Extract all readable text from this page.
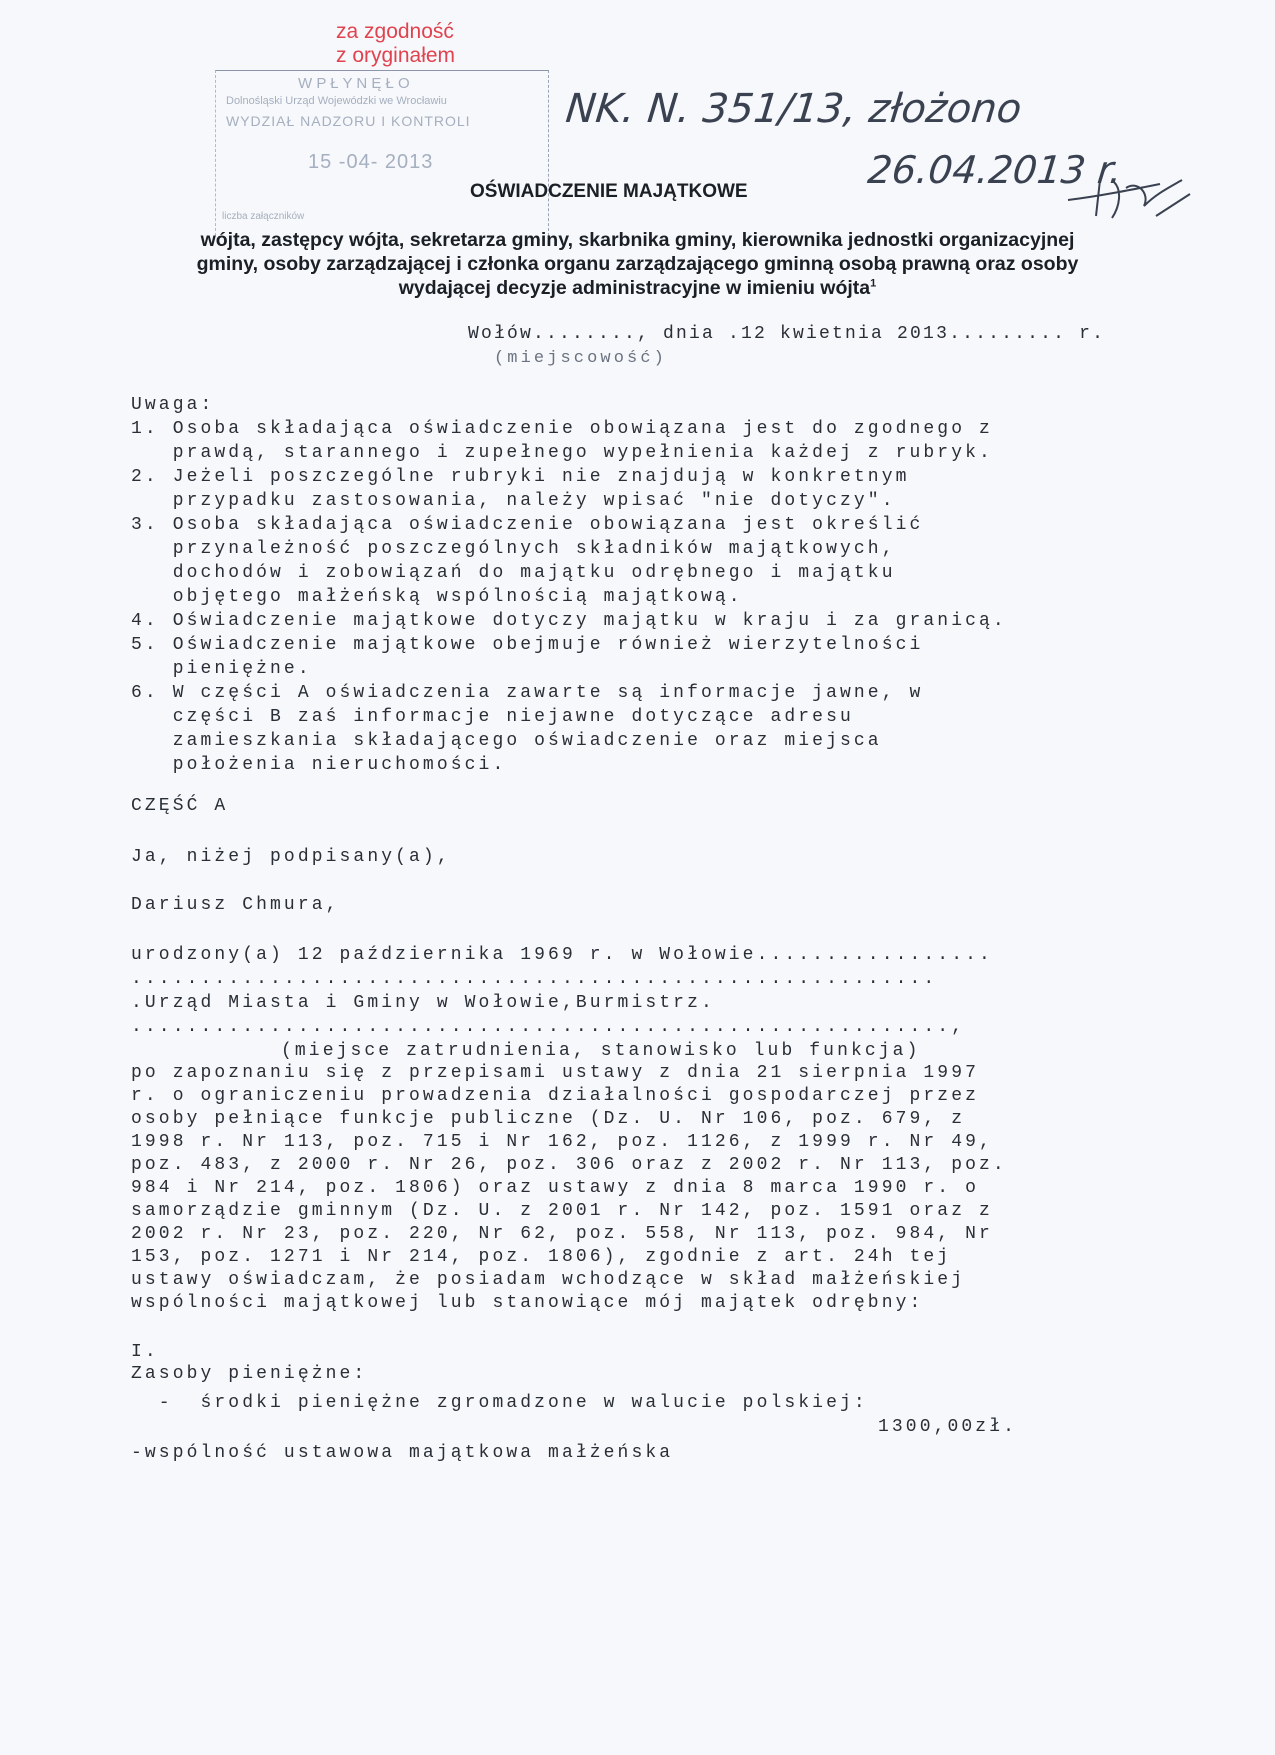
za zgodność
z oryginałem
W P Ł Y N Ę Ł O
Dolnośląski Urząd Wojewódzki we Wrocławiu
WYDZIAŁ NADZORU I KONTROLI
15 -04- 2013
liczba załączników
NK. N. 351/13, złożono
26.04.2013 r.
OŚWIADCZENIE MAJĄTKOWE
wójta, zastępcy wójta, sekretarza gminy, skarbnika gminy, kierownika jednostki organizacyjnej
gminy, osoby zarządzającej i członka organu zarządzającego gminną osobą prawną oraz osoby
wydającej decyzje administracyjne w imieniu wójta$^1$
Wołów........, dnia .12 kwietnia 2013......... r.
(miejscowość)
Uwaga:
1. Osoba składająca oświadczenie obowiązana jest do zgodnego z
prawdą, starannego i zupełnego wypełnienia każdej z rubryk.
2. Jeżeli poszczególne rubryki nie znajdują w konkretnym
przypadku zastosowania, należy wpisać "nie dotyczy".
3. Osoba składająca oświadczenie obowiązana jest określić
przynależność poszczególnych składników majątkowych,
dochodów i zobowiązań do majątku odrębnego i majątku
objętego małżeńską wspólnością majątkową.
4. Oświadczenie majątkowe dotyczy majątku w kraju i za granicą.
5. Oświadczenie majątkowe obejmuje również wierzytelności
pieniężne.
6. W części A oświadczenia zawarte są informacje jawne, w
części B zaś informacje niejawne dotyczące adresu
zamieszkania składającego oświadczenie oraz miejsca
położenia nieruchomości.
CZĘŚĆ A
Ja, niżej podpisany(a),
Dariusz Chmura,
urodzony(a) 12 października 1969 r. w Wołowie.................
..........................................................
.Urząd Miasta i Gminy w Wołowie,Burmistrz.
...........................................................,
(miejsce zatrudnienia, stanowisko lub funkcja)
po zapoznaniu się z przepisami ustawy z dnia 21 sierpnia 1997
r. o ograniczeniu prowadzenia działalności gospodarczej przez
osoby pełniące funkcje publiczne (Dz. U. Nr 106, poz. 679, z
1998 r. Nr 113, poz. 715 i Nr 162, poz. 1126, z 1999 r. Nr 49,
poz. 483, z 2000 r. Nr 26, poz. 306 oraz z 2002 r. Nr 113, poz.
984 i Nr 214, poz. 1806) oraz ustawy z dnia 8 marca 1990 r. o
samorządzie gminnym (Dz. U. z 2001 r. Nr 142, poz. 1591 oraz z
2002 r. Nr 23, poz. 220, Nr 62, poz. 558, Nr 113, poz. 984, Nr
153, poz. 1271 i Nr 214, poz. 1806), zgodnie z art. 24h tej
ustawy oświadczam, że posiadam wchodzące w skład małżeńskiej
wspólności majątkowej lub stanowiące mój majątek odrębny:
I.
Zasoby pieniężne:
-  środki pieniężne zgromadzone w walucie polskiej:
1300,00zł.
-wspólność ustawowa majątkowa małżeńska
